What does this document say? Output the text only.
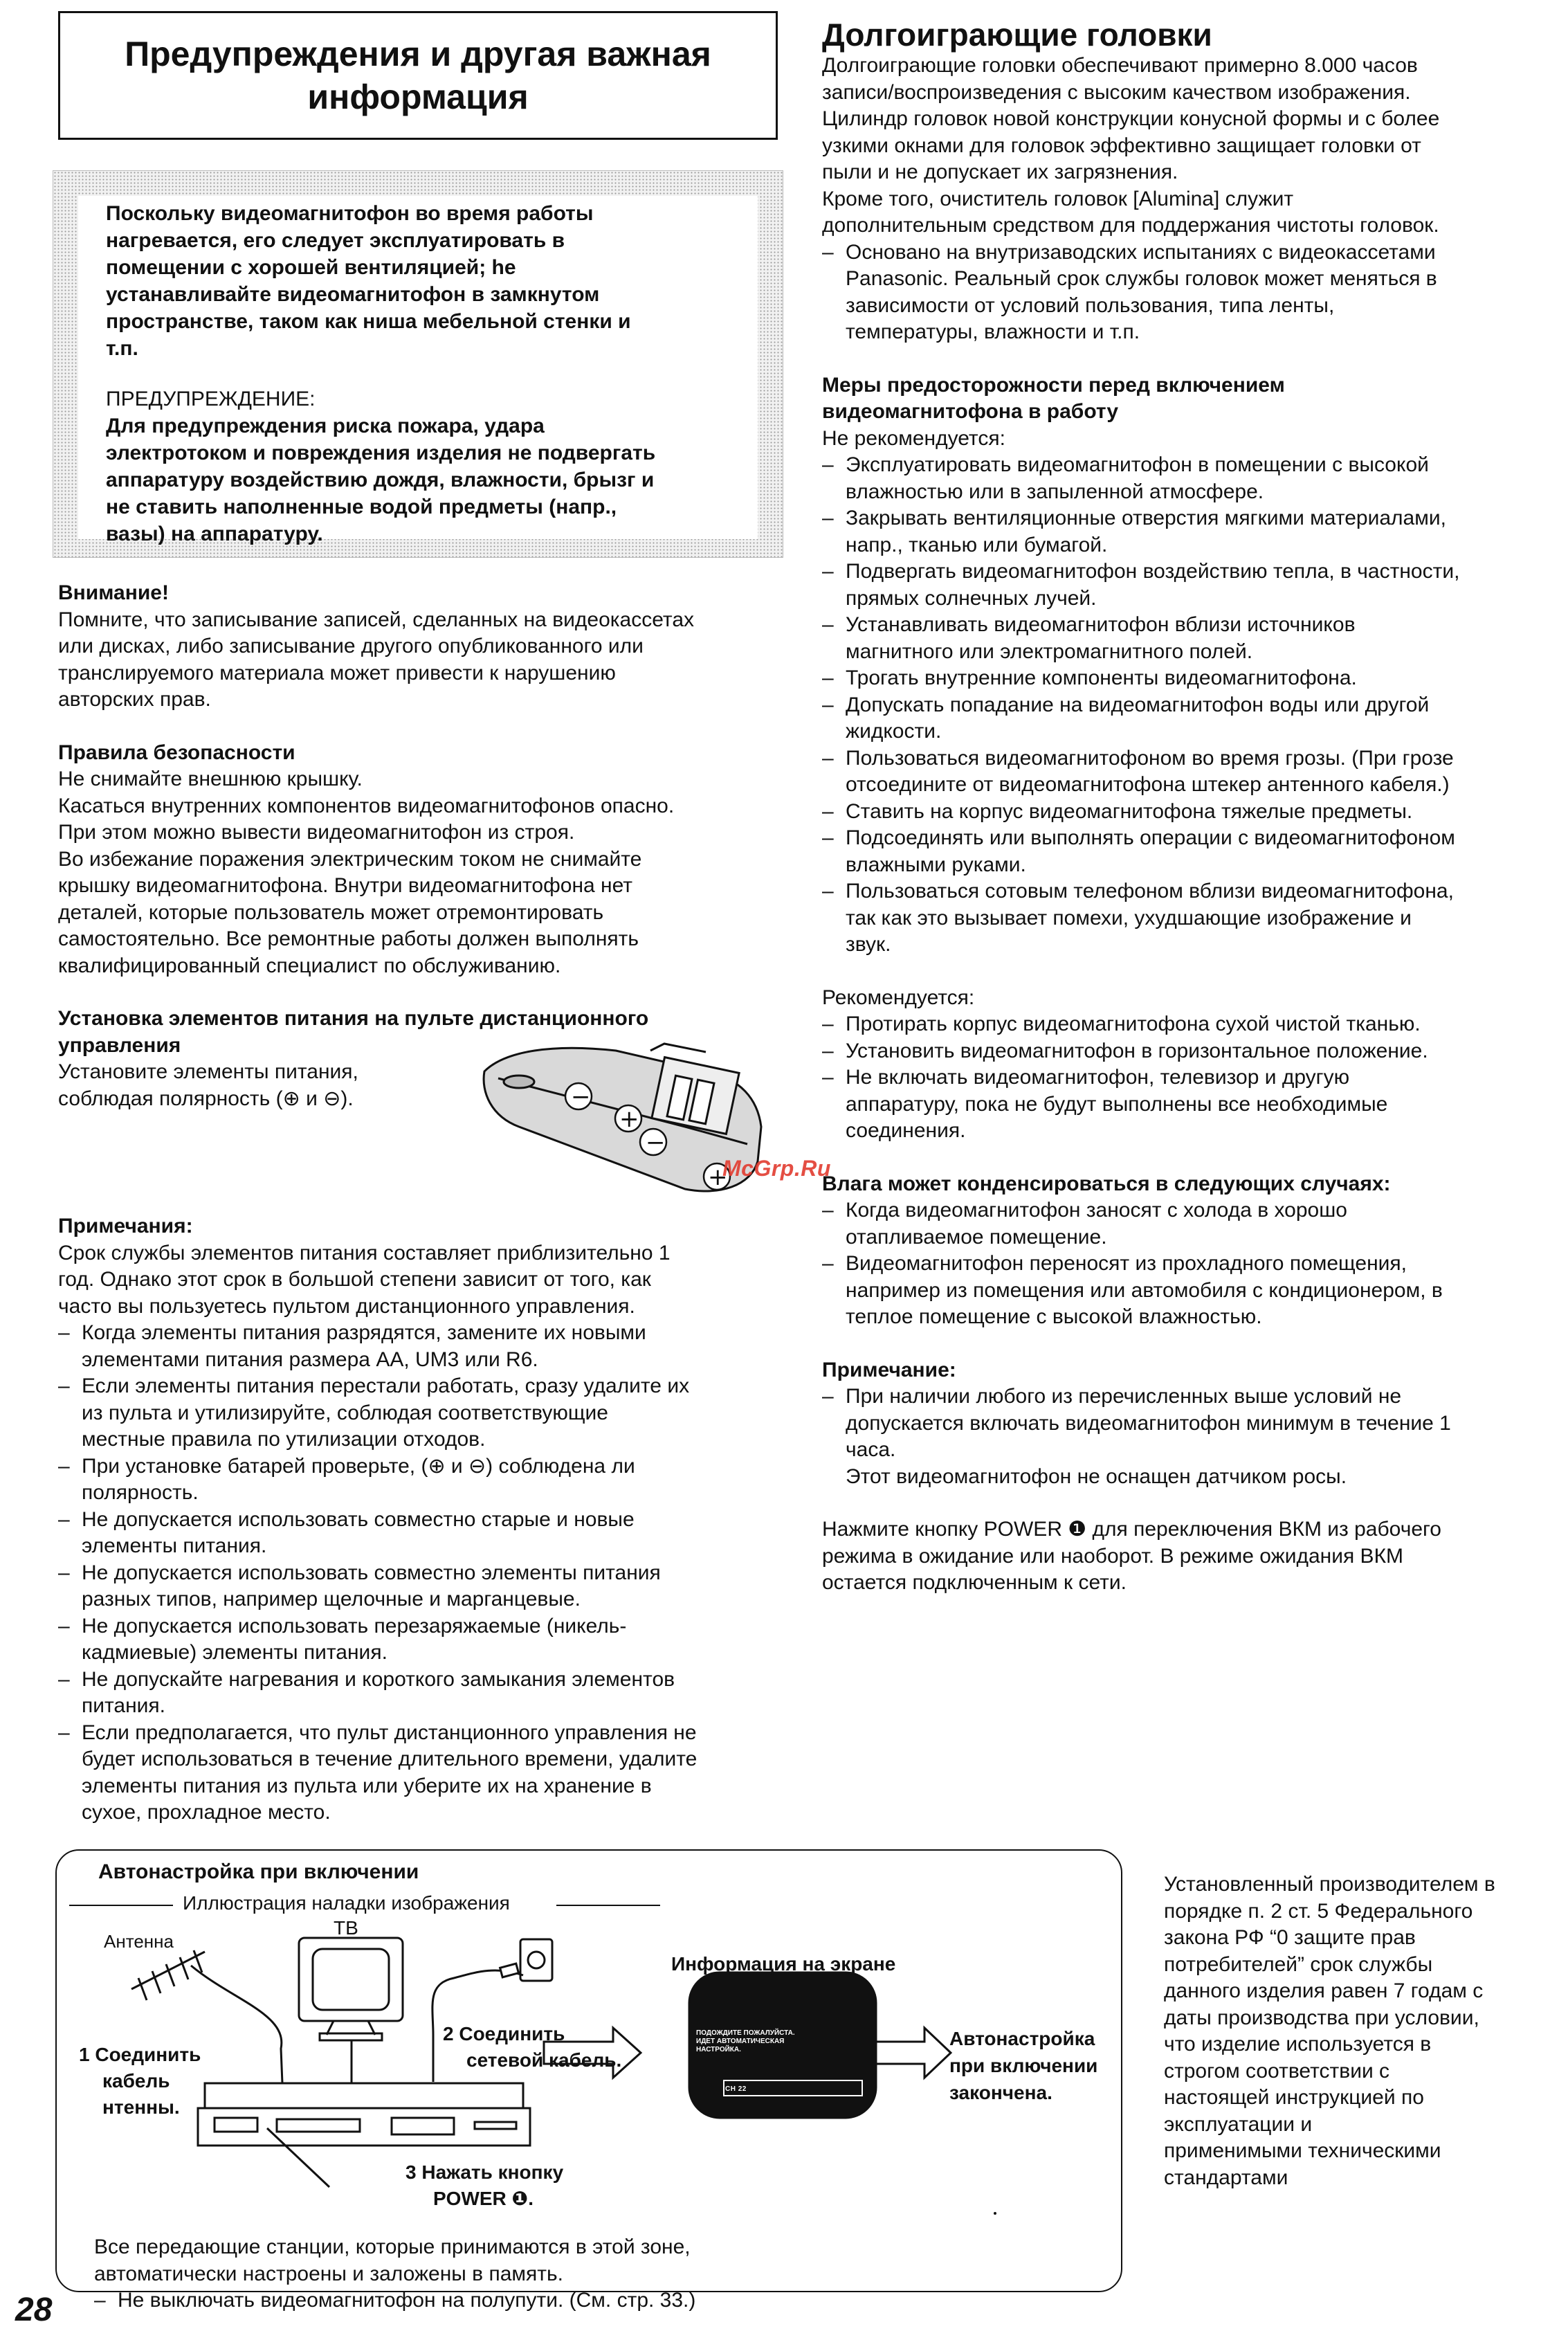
Предупреждения и другая важная
информация

Поскольку видеомагнитофон во время работы

нагревается, его следует эксплуатировать в

помещении с хорошей вентиляцией; he

устанавливайте видеомагнитофон в замкнутом

пространстве, таком как ниша мебельной стенки и

т.п.

ПРЕДУПРЕЖДЕНИЕ:

Для предупреждения риска пожара, удара

электротоком и повреждения изделия не подвергать

аппаратуру воздействию дождя, влажности, брызг и

не ставить наполненные водой предметы (напр.,

вазы) на аппаратуру.

Внимание!

Помните, что записывание записей, сделанных на видеокассетах

или дисках, либо записывание другого опубликованного или

транслируемого материала может привести к нарушению

авторских прав.

Правила безопасности

Не снимайте внешнюю крышку.

Касаться внутренних компонентов видеомагнитофонов опасно.

При этом можно вывести видеомагнитофон из строя.

Во избежание поражения электрическим током не снимайте

крышку видеомагнитофона. Внутри видеомагнитофона нет

деталей, которые пользователь может отремонтировать

самостоятельно. Все ремонтные работы должен выполнять

квалифицированный специалист по обслуживанию.

Установка элементов питания на пульте дистанционного

управления

Установите элементы питания,

соблюдая полярность (⊕ и ⊖).

Примечания:

Срок службы элементов питания составляет приблизительно 1

год. Однако этот срок в большой степени зависит от того, как

часто вы пользуетесь пультом дистанционного управления.

– Когда элементы питания разрядятся, замените их новыми
элементами питания размера AA, UM3 или R6.
– Если элементы питания перестали работать, сразу удалите их
из пульта и утилизируйте, соблюдая соответствующие
местные правила по утилизации отходов.
– При установке батарей проверьте, (⊕ и ⊖) соблюдена ли
полярность.
– Не допускается использовать совместно старые и новые
элементы питания.
– Не допускается использовать совместно элементы питания
разных типов, например щелочные и марганцевые.
– Не допускается использовать перезаряжаемые (никель-
кадмиевые) элементы питания.
– Не допускайте нагревания и короткого замыкания элементов
питания.
– Если предполагается, что пульт дистанционного управления не
будет использоваться в течение длительного времени, удалите
элементы питания из пульта или уберите их на хранение в
сухое, прохладное место.
−
+
−
+
McGrp.Ru
Долгоиграющие головки

Долгоиграющие головки обеспечивают примерно 8.000 часов

записи/воспроизведения с высоким качеством изображения.

Цилиндр головок новой конструкции конусной формы и с более

узкими окнами для головок эффективно защищает головки от

пыли и не допускает их загрязнения.

Кроме того, очиститель головок [Alumina] служит

дополнительным средством для поддержания чистоты головок.

– Основано на внутризаводских испытаниях с видеокассетами
Panasonic. Реальный срок службы головок может меняться в
зависимости от условий пользования, типа ленты,
температуры, влажности и т.п.

Меры предосторожности перед включением

видеомагнитофона в работу

Не рекомендуется:

– Эксплуатировать видеомагнитофон в помещении с высокой
влажностью или в запыленной атмосфере.
– Закрывать вентиляционные отверстия мягкими материалами,
напр., тканью или бумагой.
– Подвергать видеомагнитофон воздействию тепла, в частности,
прямых солнечных лучей.
– Устанавливать видеомагнитофон вблизи источников
магнитного или электромагнитного полей.
– Трогать внутренние компоненты видеомагнитофона.
– Допускать попадание на видеомагнитофон воды или другой
жидкости.
– Пользоваться видеомагнитофоном во время грозы. (При грозе
отсоедините от видеомагнитофона штекер антенного кабеля.)
– Ставить на корпус видеомагнитофона тяжелые предметы.
– Подсоединять или выполнять операции с видеомагнитофоном
влажными руками.
– Пользоваться сотовым телефоном вблизи видеомагнитофона,
так как это вызывает помехи, ухудшающие изображение и
звук.

Рекомендуется:

– Протирать корпус видеомагнитофона сухой чистой тканью.
– Установить видеомагнитофон в горизонтальное положение.
– Не включать видеомагнитофон, телевизор и другую
аппаратуру, пока не будут выполнены все необходимые
соединения.

Влага может конденсироваться в следующих случаях:

– Когда видеомагнитофон заносят с холода в хорошо
отапливаемое помещение.
– Видеомагнитофон переносят из прохладного помещения,
например из помещения или автомобиля с кондиционером, в
теплое помещение с высокой влажностью.

Примечание:

– При наличии любого из перечисленных выше условий не
допускается включать видеомагнитофон минимум в течение 1
часа.
Этот видеомагнитофон не оснащен датчиком росы.

Нажмите кнопку POWER ❶ для переключения ВКМ из рабочего

режима в ожидание или наоборот. В режиме ожидания ВКМ

остается подключенным к сети.

Автонастройка при включении
Иллюстрация наладки изображения
Антенна
ТВ
1 Соединить
кабель
нтенны.
2 Соединить
сетевой кабель.
3 Нажать кнопку
POWER ❶.
Информация на экране
ПОДОЖДИТЕ ПОЖАЛУЙСТА.
ИДЕТ АВТОМАТИЧЕСКАЯ
НАСТРОЙКА.
CH 22
Автонастройка
при включении
закончена.

Все передающие станции, которые принимаются в этой зоне,

автоматически настроены и заложены в память.

– Не выключать видеомагнитофон на полупути. (См. стр. 33.)

Установленный производителем в

порядке п. 2 ст. 5 Федерального

закона РФ “0 защите прав

потребителей” срок службы

данного изделия равен 7 годам с

даты производства при условии,

что изделие используется в

строгом соответствии с

настоящей инструкцией по

эксплуатации и

применимыми техническими

стандартами

28
